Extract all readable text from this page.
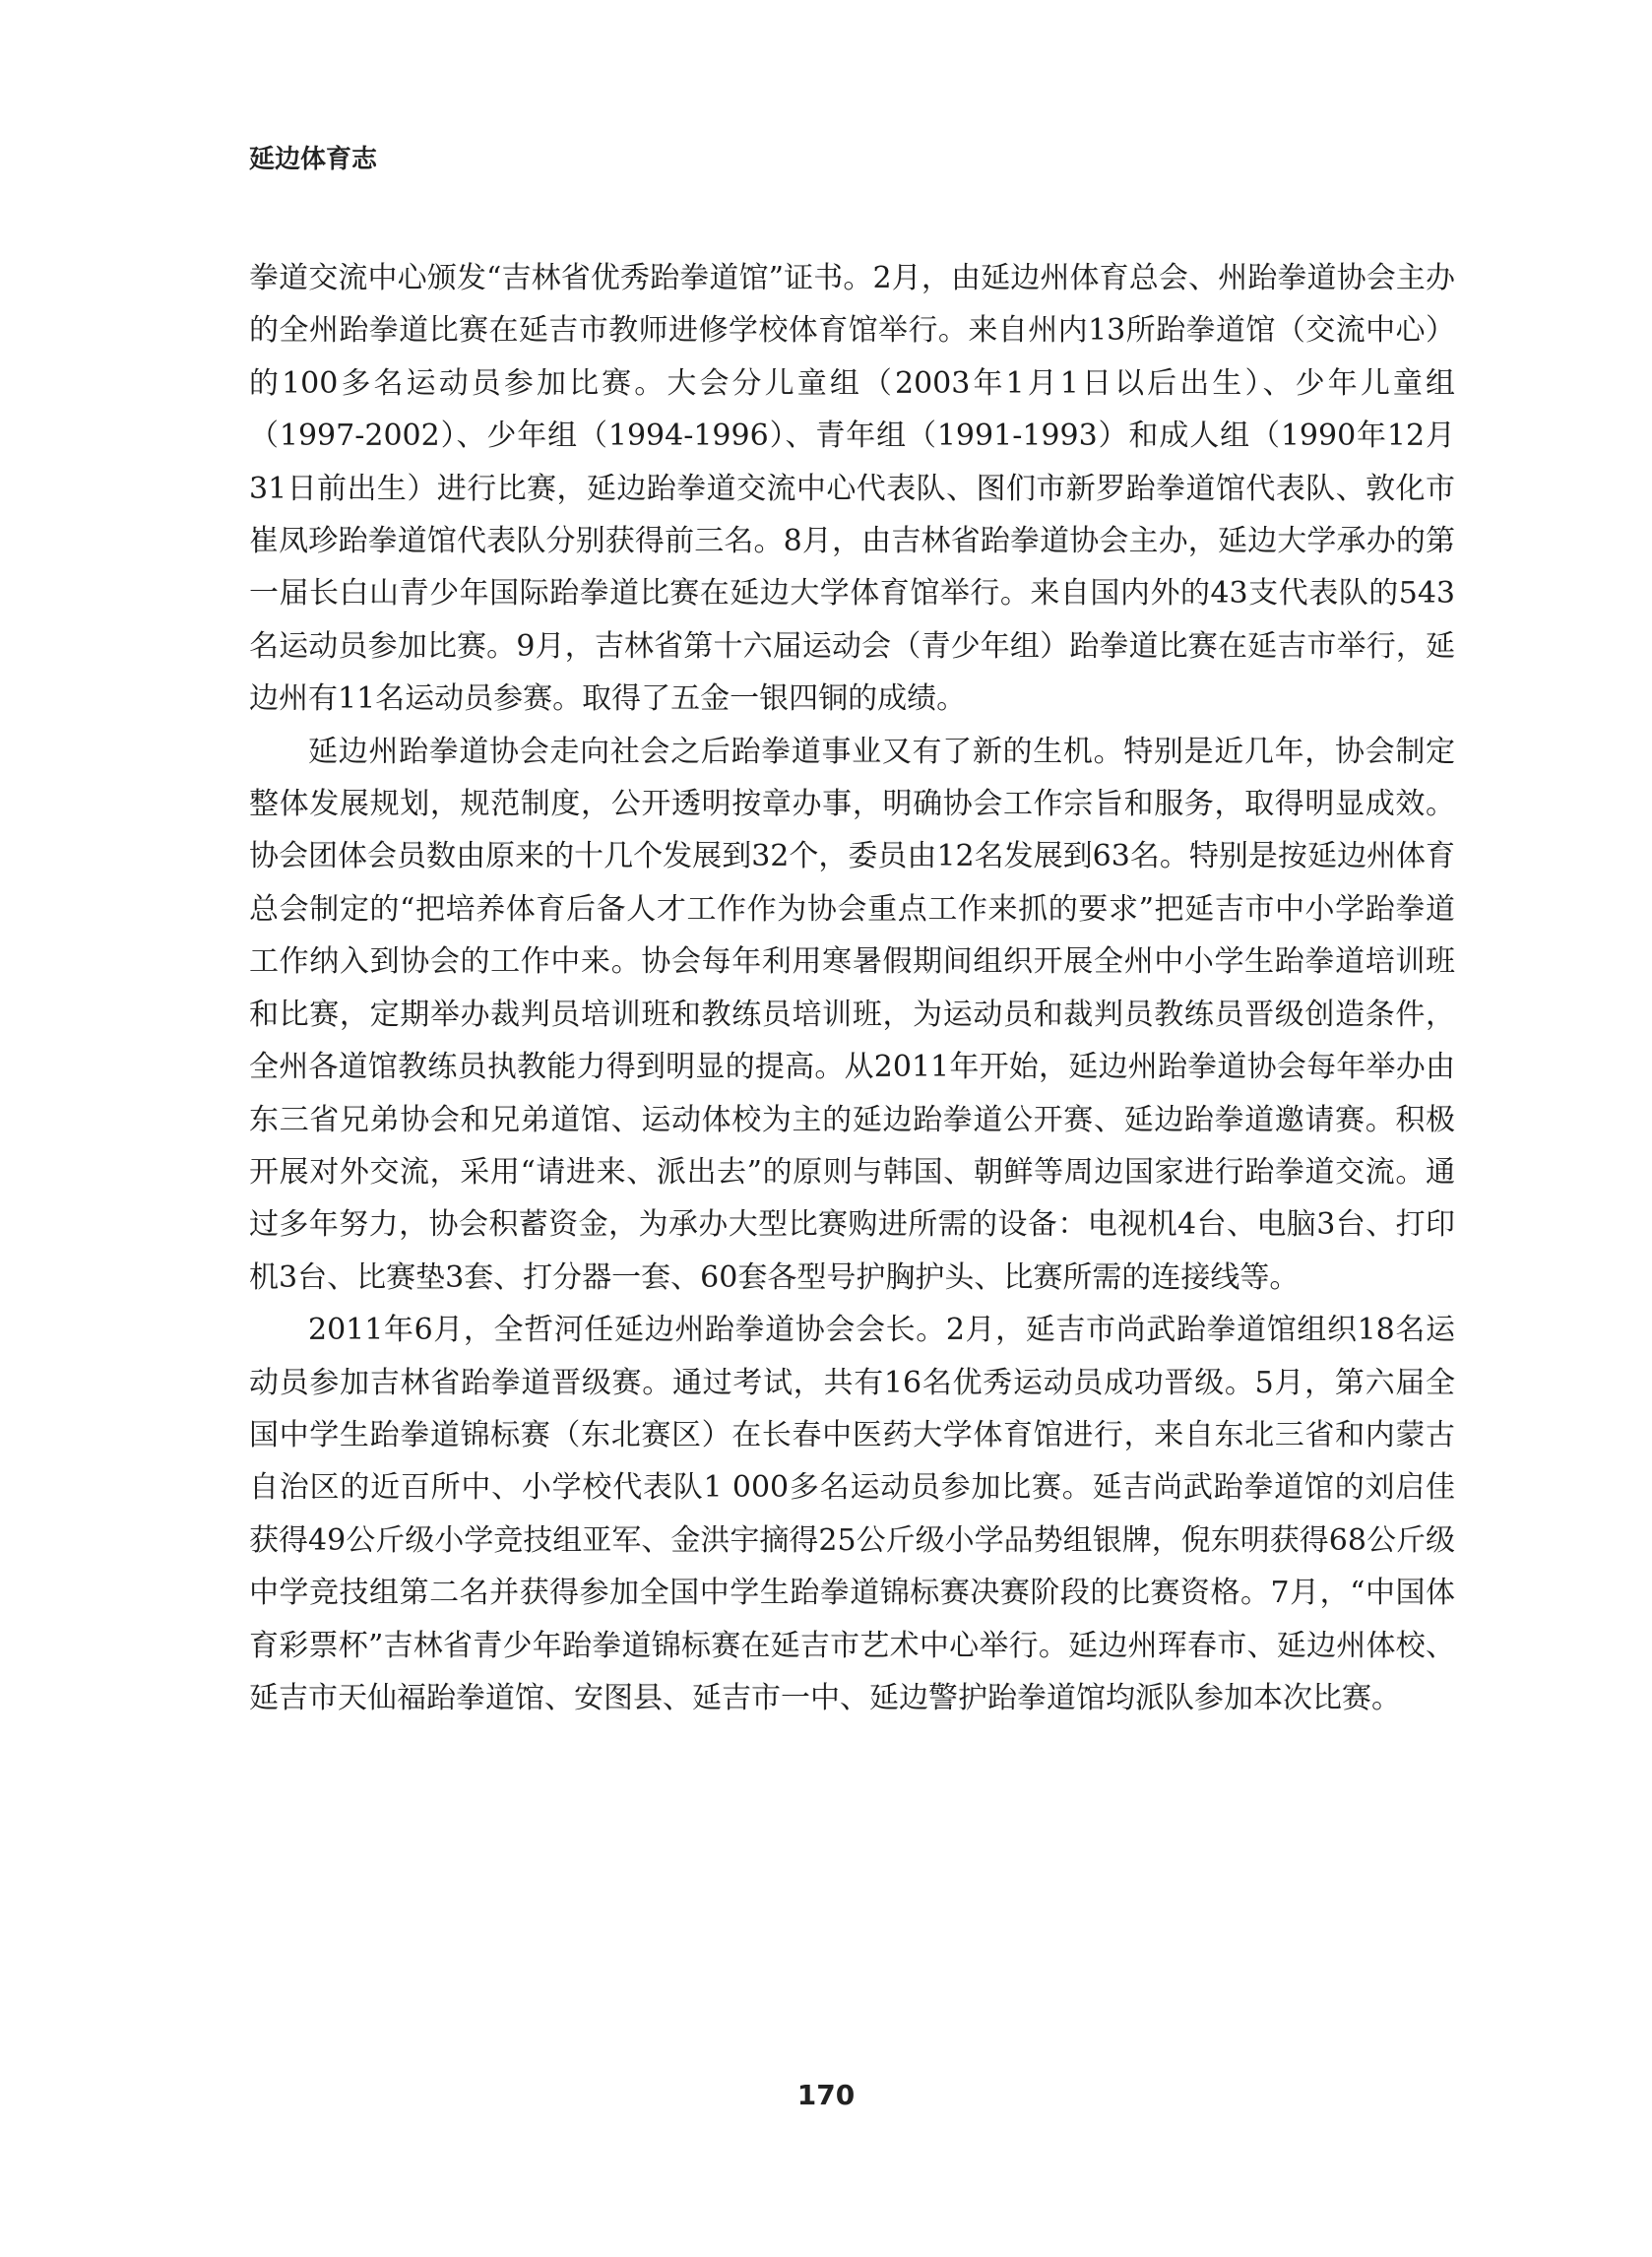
延边体育志

拳道交流中心颁发“吉林省优秀跆拳道馆”证书。2月，由延边州体育总会、州跆拳道协会主办的全州跆拳道比赛在延吉市教师进修学校体育馆举行。来自州内13所跆拳道馆（交流中心）的100多名运动员参加比赛。大会分儿童组（2003年1月1日以后出生）、少年儿童组（1997-2002）、少年组（1994-1996）、青年组（1991-1993）和成人组（1990年12月31日前出生）进行比赛，延边跆拳道交流中心代表队、图们市新罗跆拳道馆代表队、敦化市崔凤珍跆拳道馆代表队分别获得前三名。8月，由吉林省跆拳道协会主办，延边大学承办的第一届长白山青少年国际跆拳道比赛在延边大学体育馆举行。来自国内外的43支代表队的543名运动员参加比赛。9月，吉林省第十六届运动会（青少年组）跆拳道比赛在延吉市举行，延边州有11名运动员参赛。取得了五金一银四铜的成绩。

延边州跆拳道协会走向社会之后跆拳道事业又有了新的生机。特别是近几年，协会制定整体发展规划，规范制度，公开透明按章办事，明确协会工作宗旨和服务，取得明显成效。协会团体会员数由原来的十几个发展到32个，委员由12名发展到63名。特别是按延边州体育总会制定的“把培养体育后备人才工作作为协会重点工作来抓的要求”把延吉市中小学跆拳道工作纳入到协会的工作中来。协会每年利用寒暑假期间组织开展全州中小学生跆拳道培训班和比赛，定期举办裁判员培训班和教练员培训班，为运动员和裁判员教练员晋级创造条件，全州各道馆教练员执教能力得到明显的提高。从2011年开始，延边州跆拳道协会每年举办由东三省兄弟协会和兄弟道馆、运动体校为主的延边跆拳道公开赛、延边跆拳道邀请赛。积极开展对外交流，采用“请进来、派出去”的原则与韩国、朝鲜等周边国家进行跆拳道交流。通过多年努力，协会积蓄资金，为承办大型比赛购进所需的设备：电视机4台、电脑3台、打印机3台、比赛垫3套、打分器一套、60套各型号护胸护头、比赛所需的连接线等。

2011年6月，全哲河任延边州跆拳道协会会长。2月，延吉市尚武跆拳道馆组织18名运动员参加吉林省跆拳道晋级赛。通过考试，共有16名优秀运动员成功晋级。5月，第六届全国中学生跆拳道锦标赛（东北赛区）在长春中医药大学体育馆进行，来自东北三省和内蒙古自治区的近百所中、小学校代表队1 000多名运动员参加比赛。延吉尚武跆拳道馆的刘启佳获得49公斤级小学竞技组亚军、金洪宇摘得25公斤级小学品势组银牌，倪东明获得68公斤级中学竞技组第二名并获得参加全国中学生跆拳道锦标赛决赛阶段的比赛资格。7月，“中国体育彩票杯”吉林省青少年跆拳道锦标赛在延吉市艺术中心举行。延边州珲春市、延边州体校、延吉市天仙福跆拳道馆、安图县、延吉市一中、延边警护跆拳道馆均派队参加本次比赛。

170
